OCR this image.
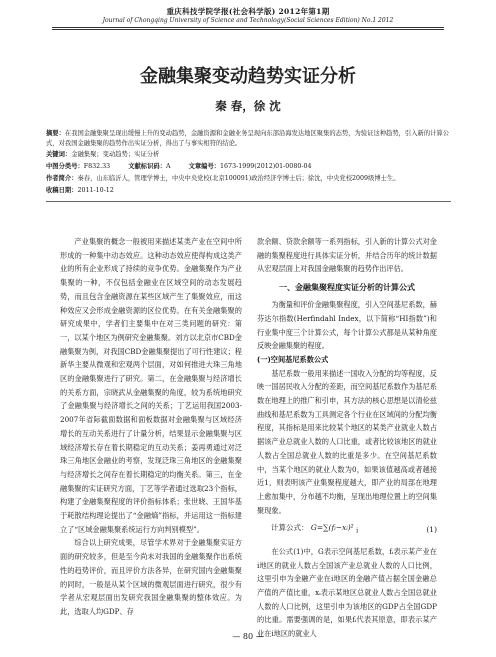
重庆科技学院学报(社会科学版) 2012年第1期
Journal of Chongqing University of Science and Technology(Social Sciences Edition) No.1 2012
金融集聚变动趋势实证分析
秦 春，徐 沈
摘要：在我国金融集聚呈现出缓慢上升的变动趋势，金融资源和金融业务呈现向东部沿海发达地区聚集的态势，为验证这种趋势，引入新的计算公式，对我国金融集聚的趋势作出实证分析，得出了与事实相符的结论。
关键词：金融集聚；变动趋势；实证分析
中图分类号：F832.33	文献标识码：A	文章编号：1673-1999(2012)01-0080-04
作者简介：秦春，山东临沂人，管理学博士，中央中央党校(北京100091)政治经济学博士后；徐沈，中央党校2009级博士生。
收稿日期：2011-10-12

产业集聚的概念一般被用来描述某类产业在空间中所形成的一种集中动态效应。这种动态效应使得构成这类产业的所有企业形成了持续的竞争优势。金融集聚作为产业集聚的一种，不仅包括金融业在区域空间的动态发展趋势，而且包含金融资源在某些区域产生了集聚效应，而这种效应又会形成金融资源的区位优势。在有关金融集聚的研究成果中，学者们主要集中在对三类问题的研究：第一，以某个地区为例研究金融集聚。刘方以北京市CBD金融集聚为例，对我国CBD金融集聚提出了可行性建议；程新华主要从微观和宏观两个层面，对如何推进大珠三角地区的金融集聚进行了研究。第二，在金融集聚与经济增长的关系方面，宗晓武从金融集聚的角度，较为系统地研究了金融集聚与经济增长之间的关系；丁艺运用我国2003-2007年省际截面数据和面板数据对金融集聚与区域经济增长的互动关系进行了计量分析，结果显示金融集聚与区域经济增长存在着长期稳定的互动关系；姜再勇通过对泛珠三角地区金融业的考察，发现泛珠三角地区的金融集聚与经济增长之间存在着长期稳定的均衡关系。第三，在金融集聚的实证研究方面，丁艺等学者通过选取23个指标，构建了金融集聚程度的评价指标体系；张世晓、王国华基于耗散结构理论提出了“金融熵”指标，并运用这一指标建立了“区域金融集聚系统运行方向判别模型”。

综合以上研究成果，尽管学术界对于金融集聚实证方面的研究较多，但是至今尚未对我国的金融集聚作出系统性的趋势评价，而且评价方法各异，在研究国内金融集聚的同时，一般是从某个区域的微观层面进行研究，很少有学者从宏观层面出发研究我国金融集聚的整体效应。为此，选取人均GDP、存

款余额、贷款余额等一系列指标，引入新的计算公式对金融的集聚程度进行具体实证分析，并结合历年的统计数据从宏观层面上对我国金融集聚的趋势作出评估。

一、金融集聚程度实证分析的计算公式

为衡量和评价金融集聚程度，引入空间基尼系数，赫芬达尔指数(Herfindahl Index，以下简称“HI指数”)和行业集中度三个计算公式，每个计算公式都是从某种角度反映金融集聚的程度。

(一)空间基尼系数公式

基尼系数一般用来描述一国收入分配的均等程度，反映一国居民收入分配的差距，而空间基尼系数作为基尼系数在地理上的推广和引申，其方法的核心思想是以清伦兹曲线和基尼系数为工具测定各个行业在区域间的分配均衡程度，其指标是用来比较某个地区的某类产业就业人数占据该产业总就业人数的人口比重，或者比较该地区的就业人数占全国总就业人数的比重是多少。在空间基尼系数中，当某个地区的就业人数为0，如果该值越高或者越接近1，则表明该产业集聚程度越大，即产业的局部在地理上愈加集中，分布越不均衡，呈现出地理位置上的空间集聚现象。

计算公式： G=∑(fᵢ−xᵢ)² $_i$	(1)

在公式(1)中，G表示空间基尼系数，fᵢ表示某产业在i地区的就业人数占全国该产业总就业人数的人口比例，这里引申为金融产业在i地区的金融产值占据全国金融总产值的产值比重，xᵢ表示某地区总就业人数占全国总就业人数的人口比例，这里引申为该地区的GDP占全国GDP的比重。需要强调的是，如果fᵢ代表其原意，即表示某产业在i地区的就业人

— 80 —
